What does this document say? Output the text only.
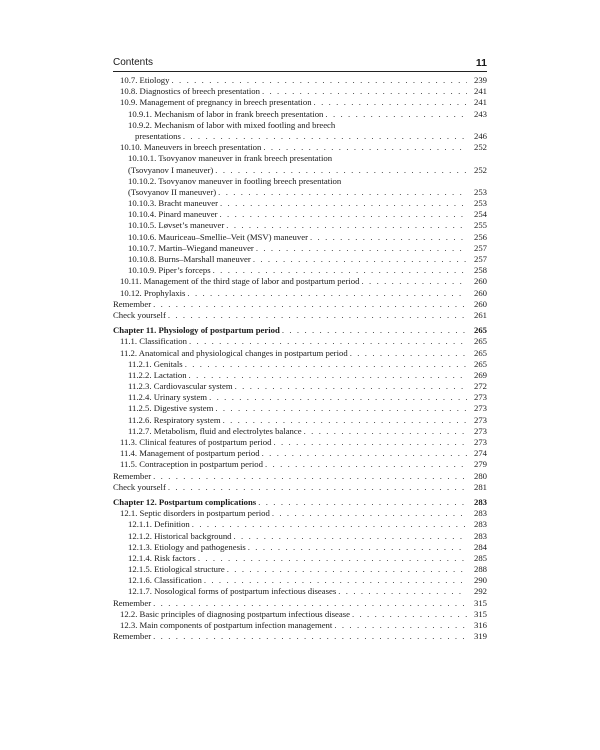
Contents	11
10.7. Etiology . . .	239
10.8. Diagnostics of breech presentation . . .	241
10.9. Management of pregnancy in breech presentation . . .	241
10.9.1. Mechanism of labor in frank breech presentation . . .	243
10.9.2. Mechanism of labor with mixed footling and breech
presentations . . .	246
10.10. Maneuvers in breech presentation . . .	252
10.10.1. Tsovyanov maneuver in frank breech presentation
(Tsovyanov I maneuver) . . .	252
10.10.2. Tsovyanov maneuver in footling breech presentation
(Tsovyanov II maneuver) . . .	253
10.10.3. Bracht maneuver . . .	253
10.10.4. Pinard maneuver . . .	254
10.10.5. Løvset’s maneuver . . .	255
10.10.6. Mauriceau–Smellie–Veit (MSV) maneuver . . .	256
10.10.7. Martin–Wiegand maneuver . . .	257
10.10.8. Burns–Marshall maneuver . . .	257
10.10.9. Piper’s forceps . . .	258
10.11. Management of the third stage of labor and postpartum period . . .	260
10.12. Prophylaxis . . .	260
Remember . . .	260
Check yourself . . .	261
Chapter 11. Physiology of postpartum period . . .	265
11.1. Classification . . .	265
11.2. Anatomical and physiological changes in postpartum period . . .	265
11.2.1. Genitals . . .	265
11.2.2. Lactation . . .	269
11.2.3. Cardiovascular system . . .	272
11.2.4. Urinary system . . .	273
11.2.5. Digestive system . . .	273
11.2.6. Respiratory system . . .	273
11.2.7. Metabolism, fluid and electrolytes balance . . .	273
11.3. Clinical features of postpartum period . . .	273
11.4. Management of postpartum period . . .	274
11.5. Contraception in postpartum period . . .	279
Remember . . .	280
Check yourself . . .	281
Chapter 12. Postpartum complications . . .	283
12.1. Septic disorders in postpartum period . . .	283
12.1.1. Definition . . .	283
12.1.2. Historical background . . .	283
12.1.3. Etiology and pathogenesis . . .	284
12.1.4. Risk factors . . .	285
12.1.5. Etiological structure . . .	288
12.1.6. Classification . . .	290
12.1.7. Nosological forms of postpartum infectious diseases . . .	292
Remember . . .	315
12.2. Basic principles of diagnosing postpartum infectious disease . . .	315
12.3. Main components of postpartum infection management . . .	316
Remember . . .	319
